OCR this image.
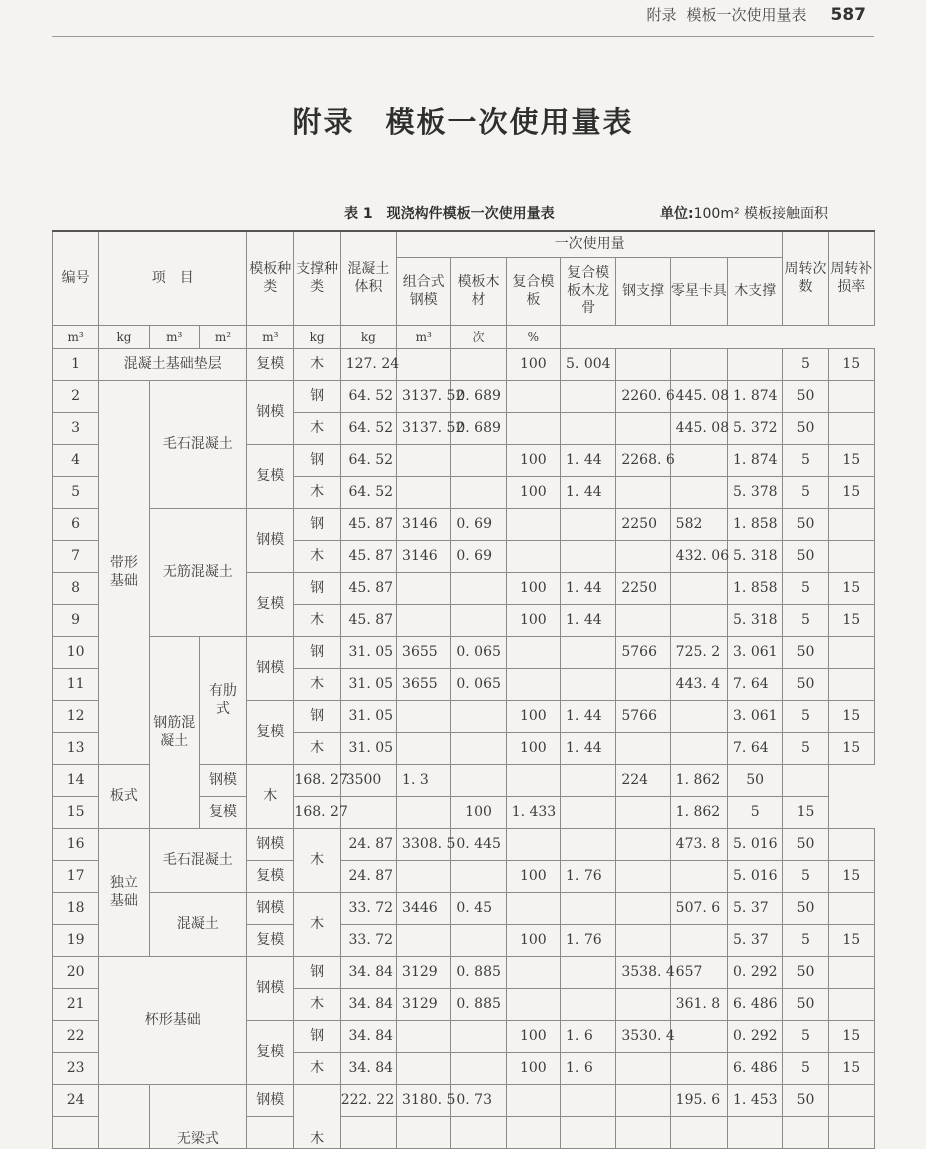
附录 模板一次使用量表 587
附录　模板一次使用量表
表 1　现浇构件模板一次使用量表	单位:100m² 模板接触面积
编号	项　目			模板种类	支撑种类	混凝土体积	一次使用量							周转次数	周转补损率
							组合式钢模	模板木材	复合模板	复合模板木龙骨	钢支撑	零星卡具	木支撑		
m³	kg	m³	m²	m³	kg	kg	m³	次	%						
1	混凝土基础垫层			复模	木	127. 24			100	5. 004				5	15
2	带形基础	毛石混凝土		钢模	钢	64. 52	3137. 52	0. 689			2260. 6	445. 08	1. 874	50	
3					木	64. 52	3137. 52	0. 689				445. 08	5. 372	50	
4				复模	钢	64. 52			100	1. 44	2268. 6		1. 874	5	15
5					木	64. 52			100	1. 44			5. 378	5	15
6		无筋混凝土		钢模	钢	45. 87	3146	0. 69			2250	582	1. 858	50	
7					木	45. 87	3146	0. 69				432. 06	5. 318	50	
8				复模	钢	45. 87			100	1. 44	2250		1. 858	5	15
9					木	45. 87			100	1. 44			5. 318	5	15
10		钢筋混凝土	有肋式	钢模	钢	31. 05	3655	0. 065			5766	725. 2	3. 061	50	
11					木	31. 05	3655	0. 065				443. 4	7. 64	50	
12				复模	钢	31. 05			100	1. 44	5766		3. 061	5	15
13					木	31. 05			100	1. 44			7. 64	5	15
14	板式		钢模	木	168. 27	3500	1. 3				224	1. 862	50		
15			复模		168. 27			100	1. 433			1. 862	5	15	
16	独立基础	毛石混凝土		钢模	木	24. 87	3308. 5	0. 445				473. 8	5. 016	50	
17				复模		24. 87			100	1. 76			5. 016	5	15
18		混凝土		钢模	木	33. 72	3446	0. 45				507. 6	5. 37	50	
19				复模		33. 72			100	1. 76			5. 37	5	15
20	杯形基础			钢模	钢	34. 84	3129	0. 885			3538. 4	657	0. 292	50	
21					木	34. 84	3129	0. 885				361. 8	6. 486	50	
22				复模	钢	34. 84			100	1. 6	3530. 4		0. 292	5	15
23					木	34. 84			100	1. 6			6. 486	5	15
24		无梁式		钢模	木	222. 22	3180. 5	0. 73				195. 6	1. 453	50	
